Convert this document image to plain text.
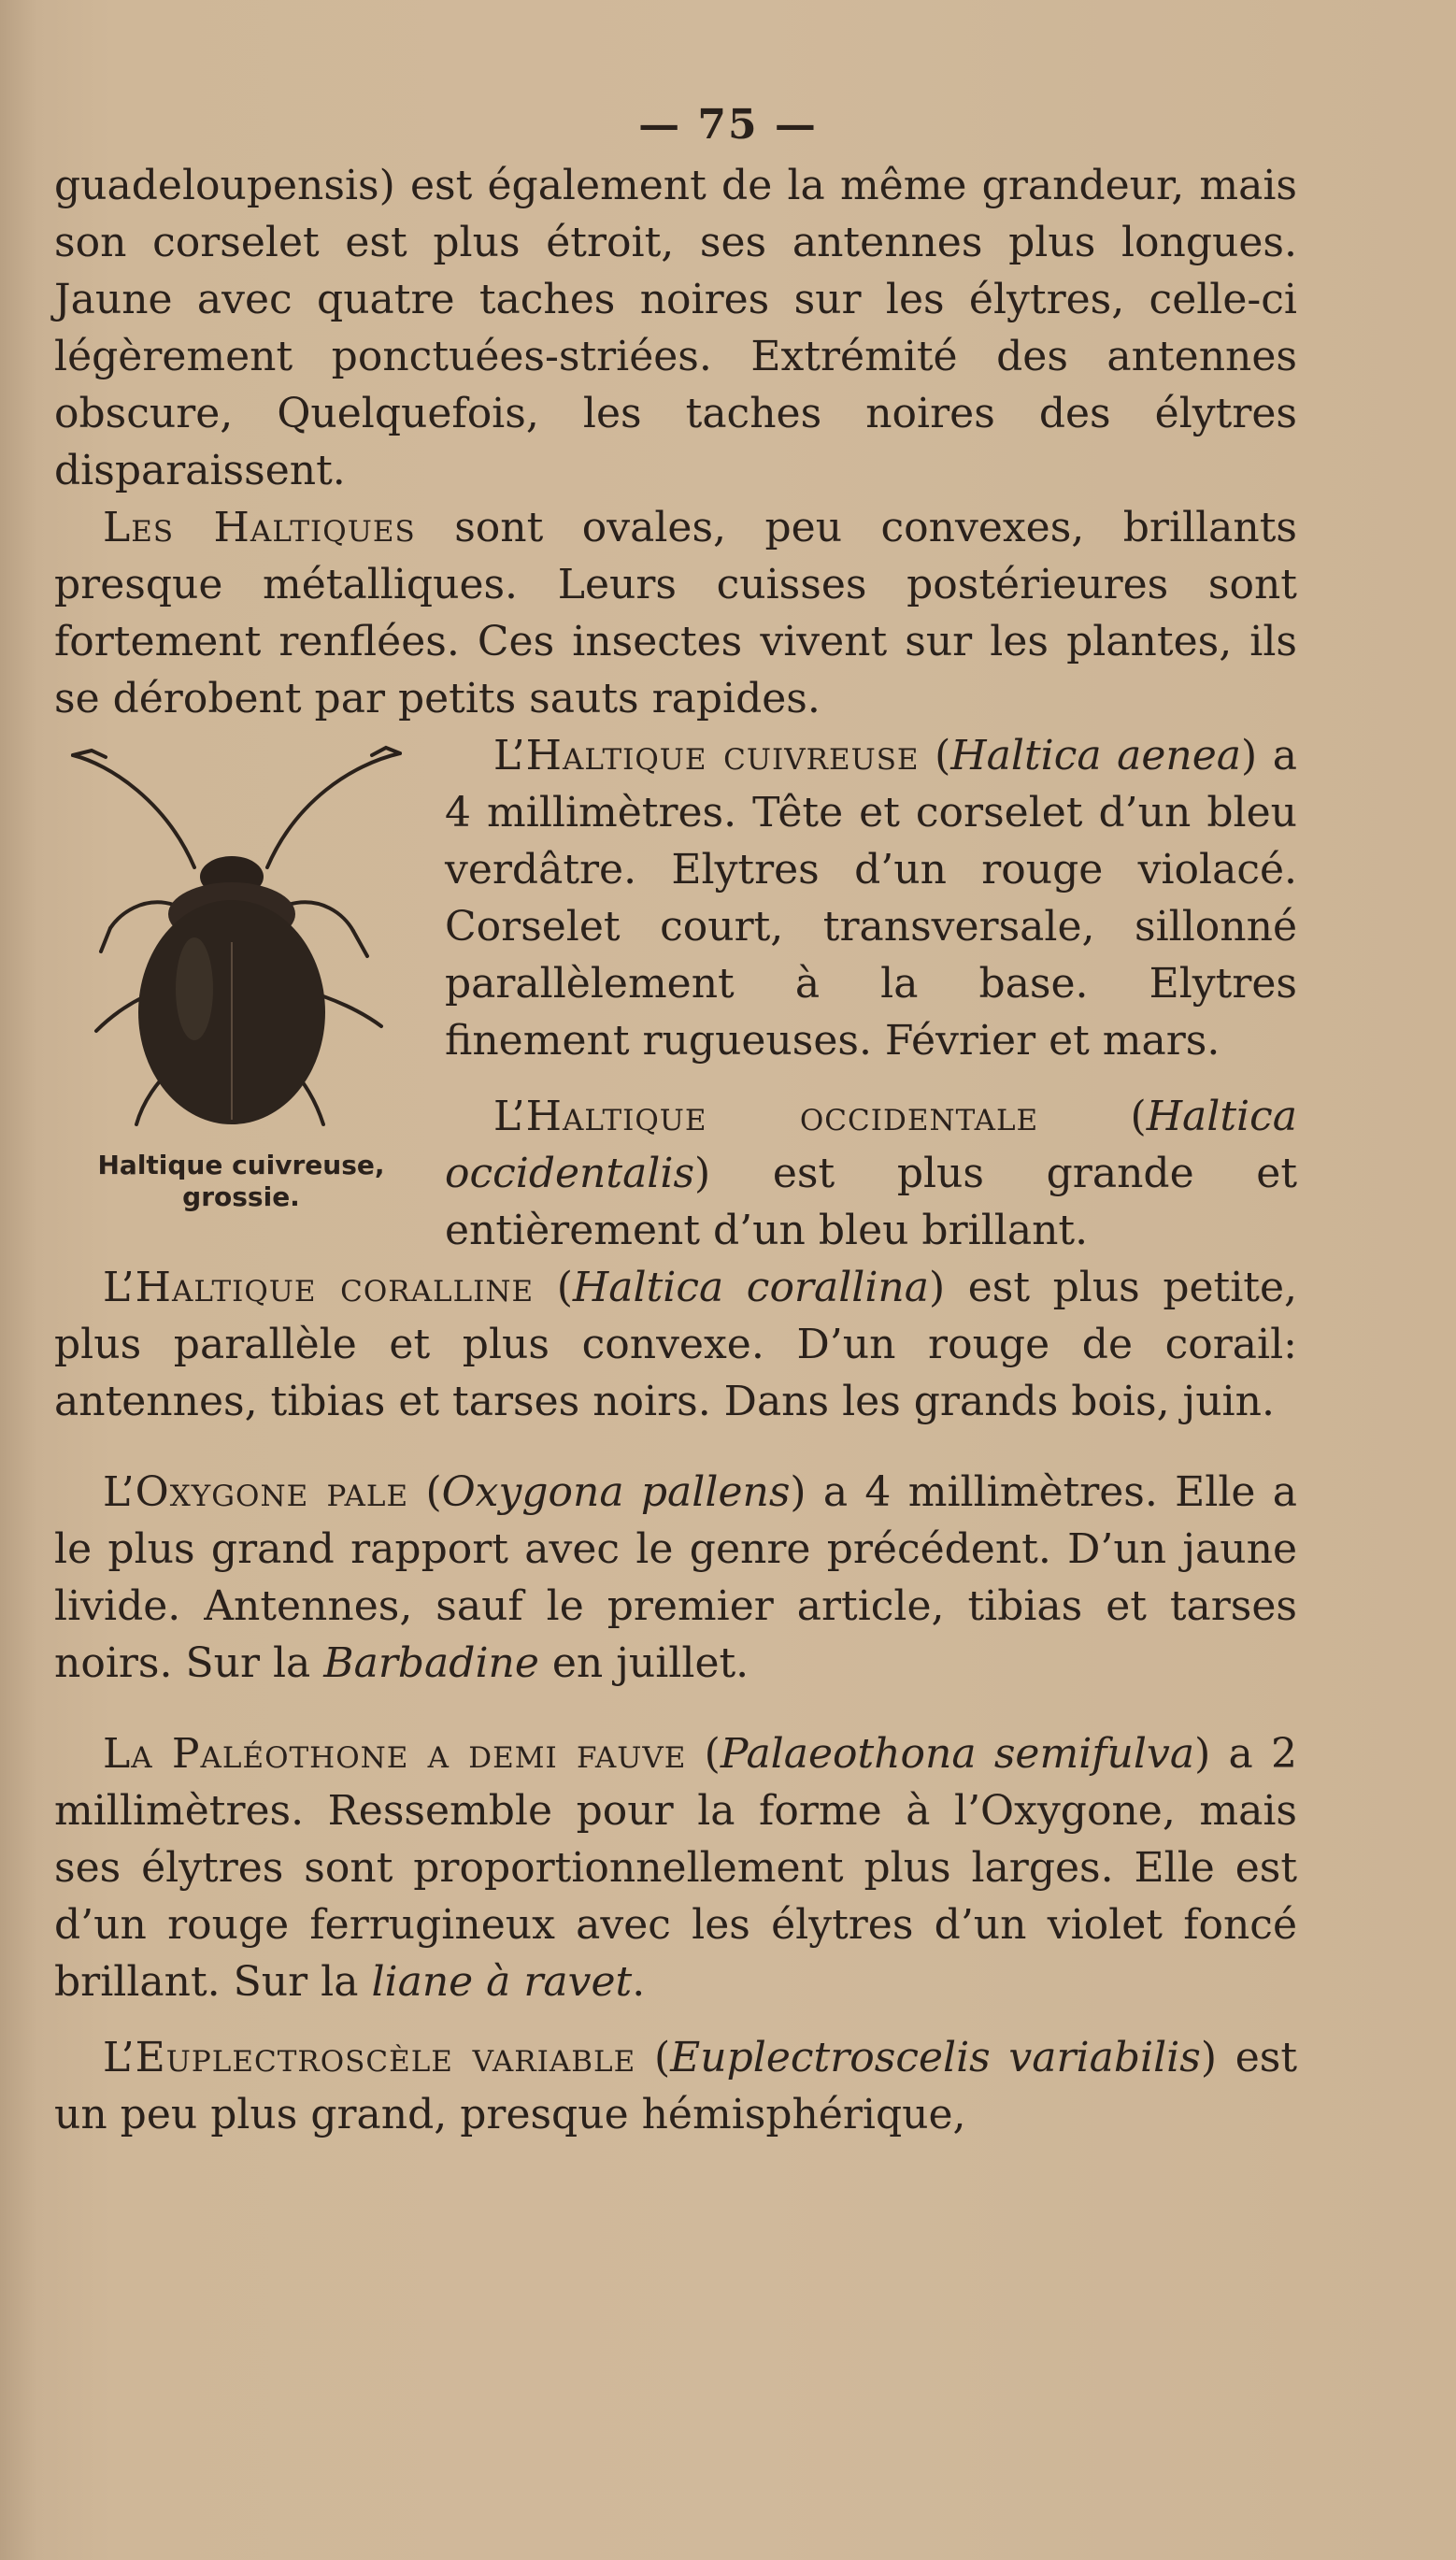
— 75 —

guadeloupensis) est également de la même grandeur, mais son corselet est plus étroit, ses antennes plus longues. Jaune avec quatre taches noires sur les élytres, celle-ci légèrement ponctuées-striées. Extrémité des antennes obscure, Quelquefois, les taches noires des élytres disparaissent.

Les Haltiques sont ovales, peu convexes, brillants presque métalliques. Leurs cuisses postérieures sont fortement renflées. Ces insectes vivent sur les plantes, ils se dérobent par petits sauts rapides.

Haltique cuivreuse, grossie.

L’Haltique cuivreuse (Haltica aenea) a 4 millimètres. Tête et corselet d’un bleu verdâtre. Elytres d’un rouge violacé. Corselet court, transversale, sillonné parallèlement à la base. Elytres finement rugueuses. Février et mars.

L’Haltique occidentale (Haltica occidentalis) est plus grande et entièrement d’un bleu brillant.

L’Haltique coralline (Haltica corallina) est plus petite, plus parallèle et plus convexe. D’un rouge de corail: antennes, tibias et tarses noirs. Dans les grands bois, juin.

L’Oxygone pale (Oxygona pallens) a 4 millimètres. Elle a le plus grand rapport avec le genre précédent. D’un jaune livide. Antennes, sauf le premier article, tibias et tarses noirs. Sur la Barbadine en juillet.

La Paléothone a demi fauve (Palaeothona semifulva) a 2 millimètres. Ressemble pour la forme à l’Oxygone, mais ses élytres sont proportionnellement plus larges. Elle est d’un rouge ferrugineux avec les élytres d’un violet foncé brillant. Sur la liane à ravet.

L’Euplectroscèle variable (Euplectroscelis variabilis) est un peu plus grand, presque hémisphérique,
